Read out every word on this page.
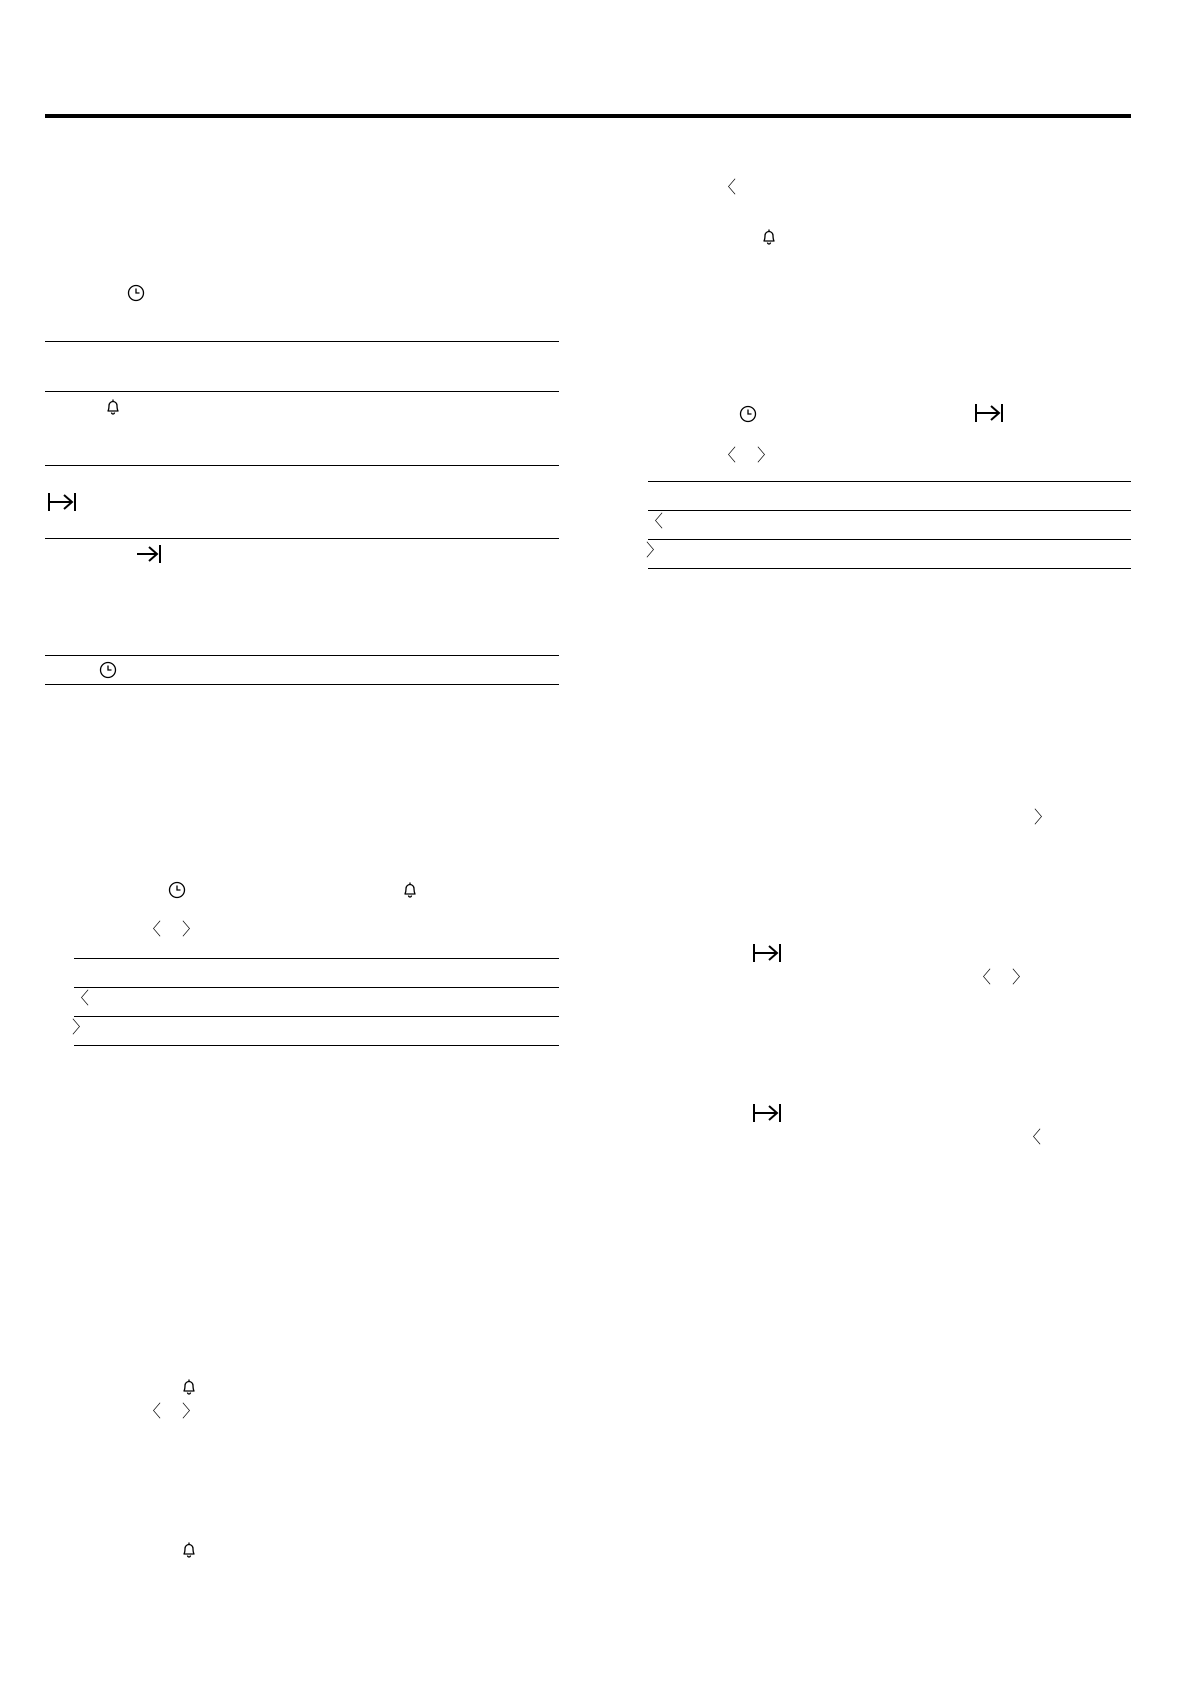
〈 〉
〈
〉
〈 〉
〈
〈 〉
〈
〉
〉
〈 〉
〈
